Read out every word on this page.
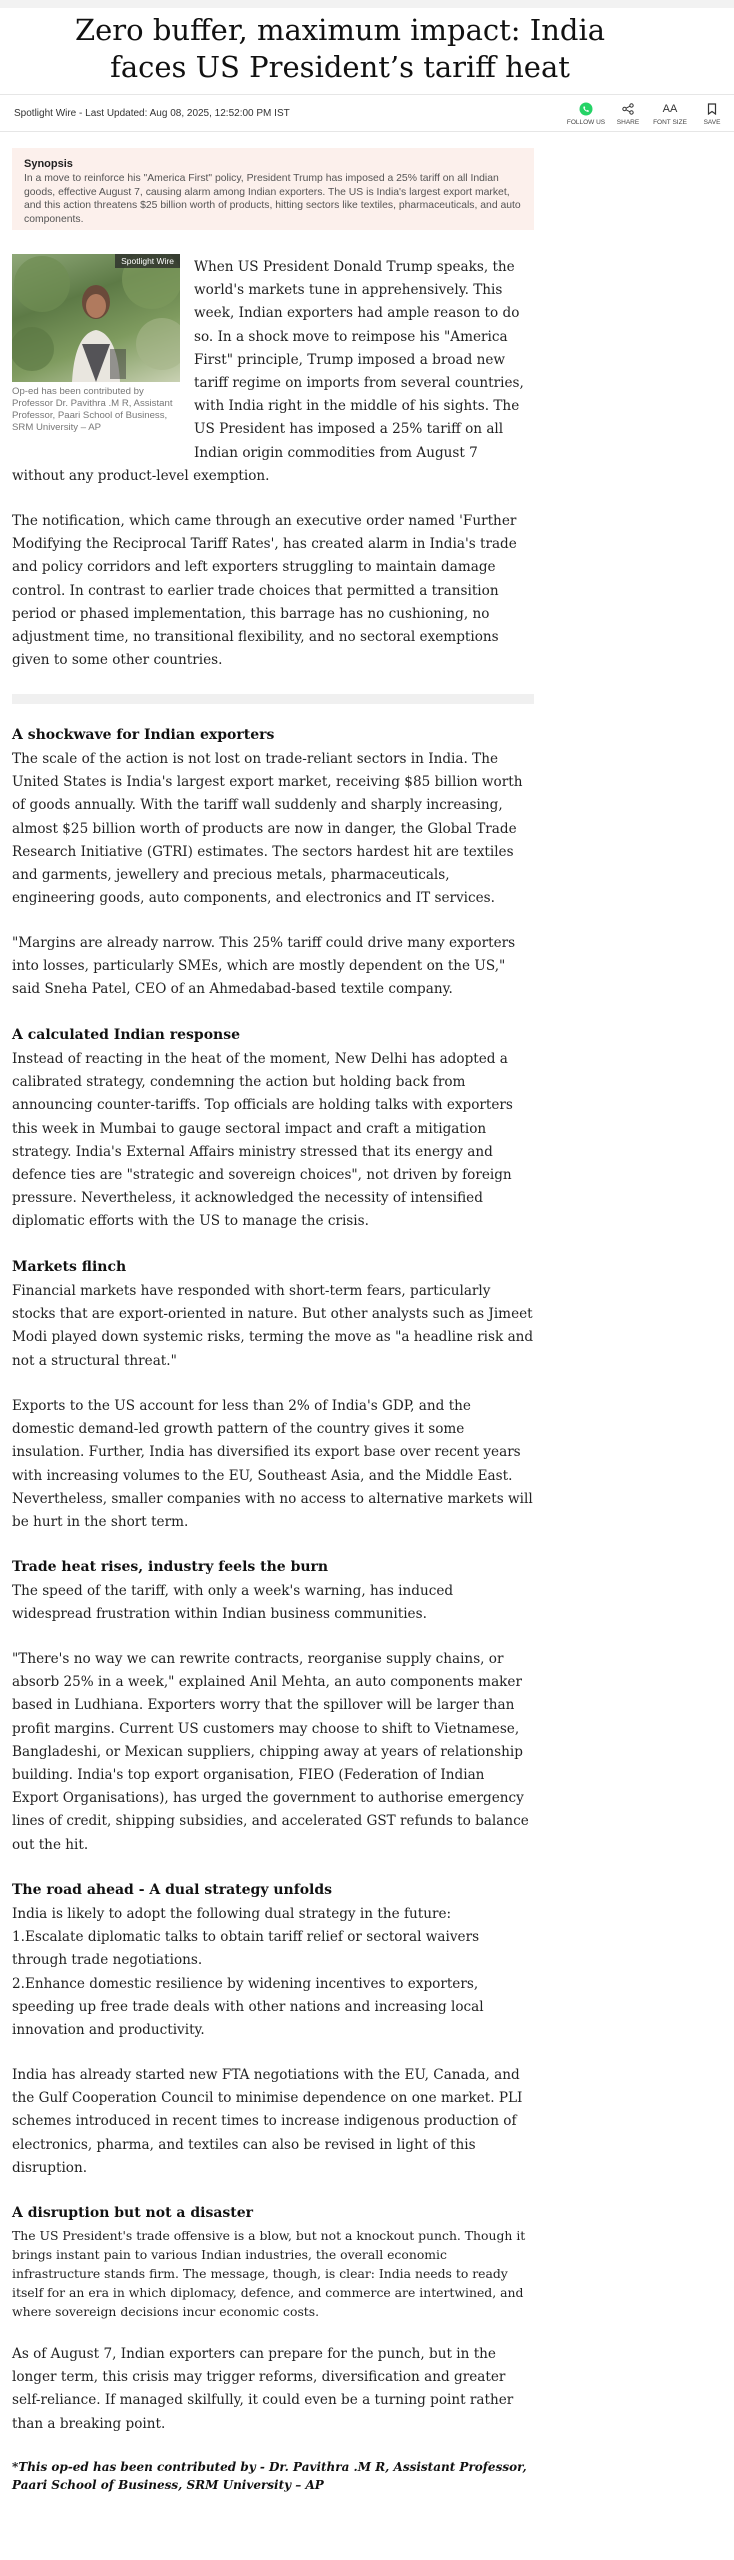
Zero buffer, maximum impact: India faces US President’s tariff heat
Spotlight Wire - Last Updated: Aug 08, 2025, 12:52:00 PM IST
FOLLOW US SHARE
AA
FONT SIZE	SAVE
Synopsis
In a move to reinforce his "America First" policy, President Trump has imposed a 25% tariff on all Indian goods, effective August 7, causing alarm among Indian exporters. The US is India's largest export market, and this action threatens $25 billion worth of products, hitting sectors like textiles, pharmaceuticals, and auto components.
When US President Donald Trump speaks, the world's markets tune in apprehensively. This week, Indian exporters had ample reason to do so. In a shock move to reimpose his "America First" principle, Trump imposed a broad new tariff regime on imports from several countries, with India right in the middle of his sights. The US President has imposed a 25% tariff on all Indian origin commodities from August 7 without any product-level exemption.
Spotlight Wire
Op-ed has been contributed by Professor Dr. Pavithra .M R, Assistant Professor, Paari School of Business, SRM University – AP
The notification, which came through an executive order named 'Further Modifying the Reciprocal Tariff Rates', has created alarm in India's trade and policy corridors and left exporters struggling to maintain damage control. In contrast to earlier trade choices that permitted a transition period or phased implementation, this barrage has no cushioning, no adjustment time, no transitional flexibility, and no sectoral exemptions given to some other countries.
A shockwave for Indian exporters
The scale of the action is not lost on trade-reliant sectors in India. The United States is India's largest export market, receiving $85 billion worth of goods annually. With the tariff wall suddenly and sharply increasing, almost $25 billion worth of products are now in danger, the Global Trade Research Initiative (GTRI) estimates. The sectors hardest hit are textiles and garments, jewellery and precious metals, pharmaceuticals, engineering goods, auto components, and electronics and IT services.
"Margins are already narrow. This 25% tariff could drive many exporters into losses, particularly SMEs, which are mostly dependent on the US," said Sneha Patel, CEO of an Ahmedabad-based textile company.
A calculated Indian response
Instead of reacting in the heat of the moment, New Delhi has adopted a calibrated strategy, condemning the action but holding back from announcing counter-tariffs. Top officials are holding talks with exporters this week in Mumbai to gauge sectoral impact and craft a mitigation strategy. India's External Affairs ministry stressed that its energy and defence ties are "strategic and sovereign choices", not driven by foreign pressure. Nevertheless, it acknowledged the necessity of intensified diplomatic efforts with the US to manage the crisis.
Markets flinch
Financial markets have responded with short-term fears, particularly stocks that are export-oriented in nature. But other analysts such as Jimeet Modi played down systemic risks, terming the move as "a headline risk and not a structural threat."
Exports to the US account for less than 2% of India's GDP, and the domestic demand-led growth pattern of the country gives it some insulation. Further, India has diversified its export base over recent years with increasing volumes to the EU, Southeast Asia, and the Middle East. Nevertheless, smaller companies with no access to alternative markets will be hurt in the short term.
Trade heat rises, industry feels the burn
The speed of the tariff, with only a week's warning, has induced widespread frustration within Indian business communities.
"There's no way we can rewrite contracts, reorganise supply chains, or absorb 25% in a week," explained Anil Mehta, an auto components maker based in Ludhiana. Exporters worry that the spillover will be larger than profit margins. Current US customers may choose to shift to Vietnamese, Bangladeshi, or Mexican suppliers, chipping away at years of relationship building. India's top export organisation, FIEO (Federation of Indian Export Organisations), has urged the government to authorise emergency lines of credit, shipping subsidies, and accelerated GST refunds to balance out the hit.
The road ahead - A dual strategy unfolds
India is likely to adopt the following dual strategy in the future:
1.Escalate diplomatic talks to obtain tariff relief or sectoral waivers through trade negotiations.
2.Enhance domestic resilience by widening incentives to exporters, speeding up free trade deals with other nations and increasing local innovation and productivity.
India has already started new FTA negotiations with the EU, Canada, and the Gulf Cooperation Council to minimise dependence on one market. PLI schemes introduced in recent times to increase indigenous production of electronics, pharma, and textiles can also be revised in light of this disruption.
A disruption but not a disaster
The US President's trade offensive is a blow, but not a knockout punch. Though it brings instant pain to various Indian industries, the overall economic infrastructure stands firm. The message, though, is clear: India needs to ready itself for an era in which diplomacy, defence, and commerce are intertwined, and where sovereign decisions incur economic costs.
*This op-ed has been contributed by - Dr. Pavithra .M R, Assistant Professor, Paari School of Business, SRM University – AP
As of August 7, Indian exporters can prepare for the punch, but in the longer term, this crisis may trigger reforms, diversification and greater self-reliance. If managed skilfully, it could even be a turning point rather than a breaking point.
